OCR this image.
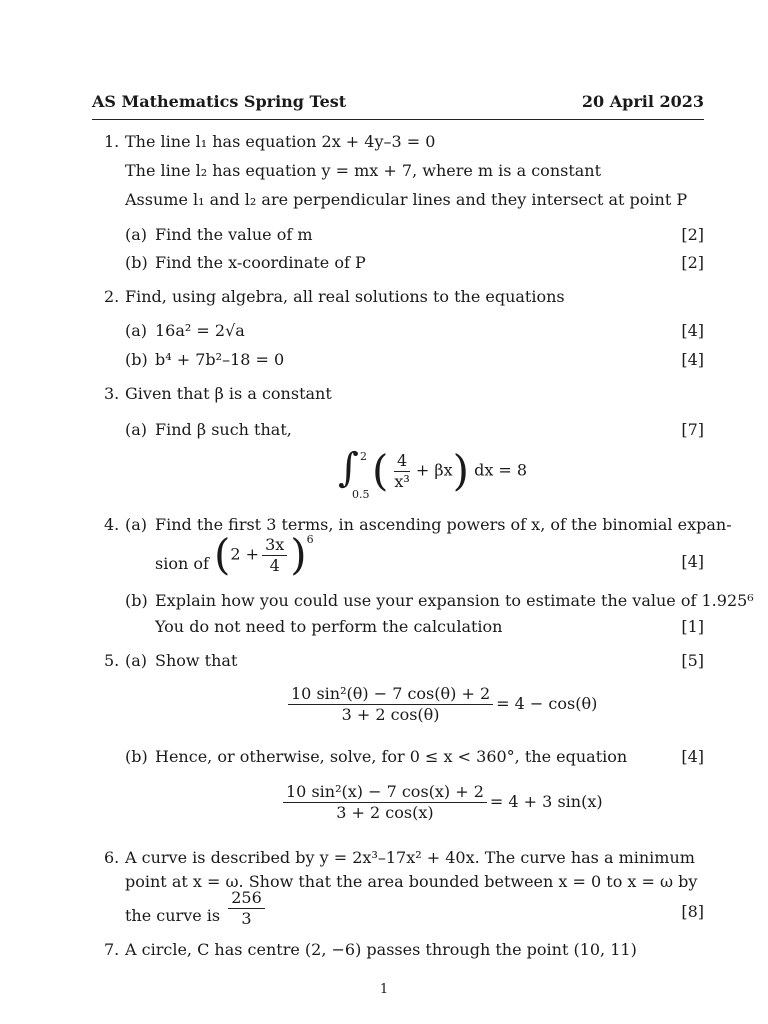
AS Mathematics Spring Test	20 April 2023
1. The line l₁ has equation 2x + 4y–3 = 0
The line l₂ has equation y = mx + 7, where m is a constant
Assume l₁ and l₂ are perpendicular lines and they intersect at point P
(a) Find the value of m	[2]
(b) Find the x-coordinate of P	[2]
2. Find, using algebra, all real solutions to the equations
(a) 16a² = 2√a	[4]
(b) b⁴ + 7b²–18 = 0	[4]
3. Given that β is a constant
(a) Find β such that,	[7]
∫ 2
0.5 ( $\frac{4}{\text{x³}} + \beta x$) dx = 8
4. (a) Find the first 3 terms, in ascending powers of x, of the binomial expan-
sion of $(2 + \frac{3x}{4} )^6$
[4]
(b) Explain how you could use your expansion to estimate the value of 1.925⁶
You do not need to perform the calculation	[1]
5. (a) Show that	[5]
$\frac{\text{10 sin²(θ) − 7 cos(θ) + 2}}{3 + 2 \cos(\theta)} = 4 - \cos(\theta)$
(b) Hence, or otherwise, solve, for 0 ≤ x < 360°, the equation	[4]
$\frac{\text{10 sin²(x) − 7 cos(x) + 2}}{3 + 2 \cos(x)} = 4 + 3$ sin(x)
6. A curve is described by y = 2x³–17x² + 40x. The curve has a minimum
point at x = ω. Show that the area bounded between x = 0 to x = ω by
the curve is $\frac{256}{3}$	[8]
7. A circle, C has centre (2, −6) passes through the point (10, 11)
1
